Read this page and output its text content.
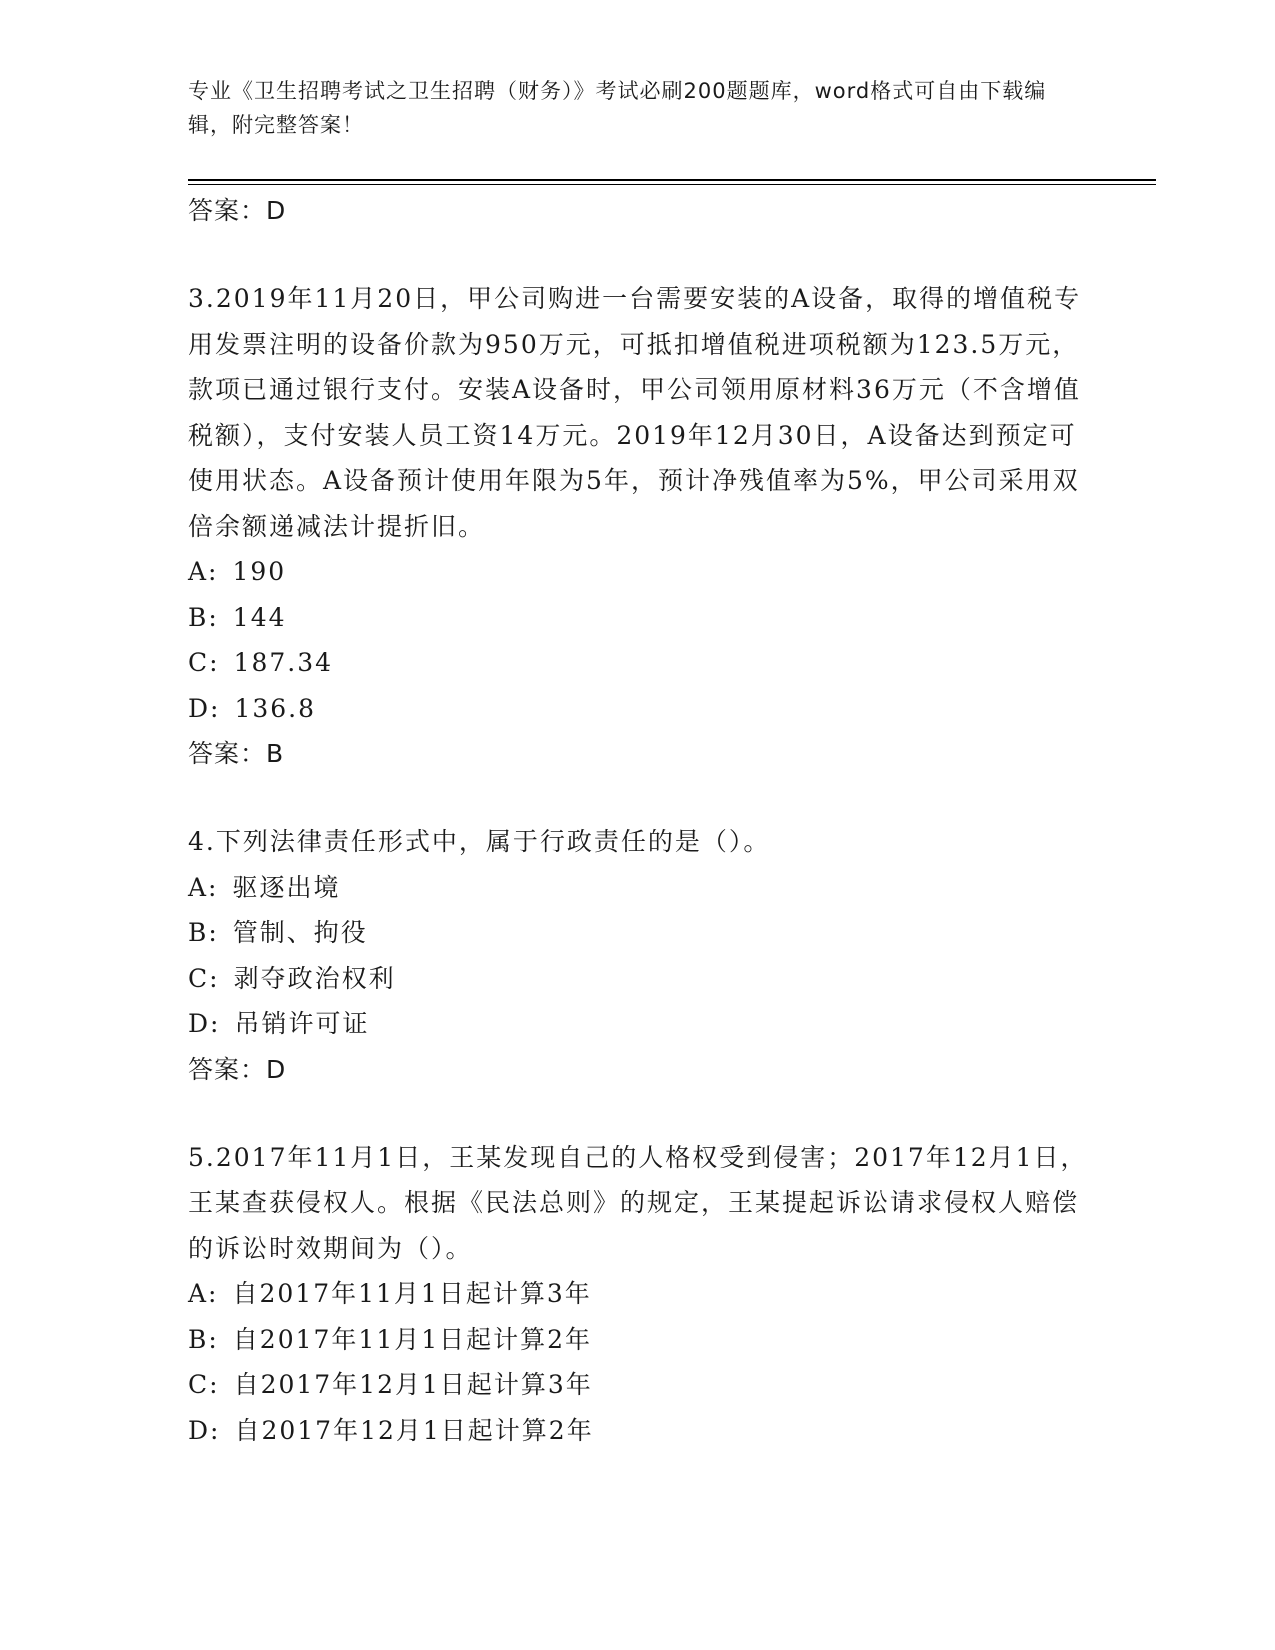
专业《卫生招聘考试之卫生招聘（财务）》考试必刷200题题库，word格式可自由下载编辑，附完整答案！

答案：D

3.2019年11月20日，甲公司购进一台需要安装的A设备，取得的增值税专用发票注明的设备价款为950万元，可抵扣增值税进项税额为123.5万元，款项已通过银行支付。安装A设备时，甲公司领用原材料36万元（不含增值税额），支付安装人员工资14万元。2019年12月30日，A设备达到预定可使用状态。A设备预计使用年限为5年，预计净残值率为5%，甲公司采用双倍余额递减法计提折旧。

A: 190

B: 144

C: 187.34

D: 136.8

答案：B

4.下列法律责任形式中，属于行政责任的是（）。

A: 驱逐出境

B: 管制、拘役

C: 剥夺政治权利

D: 吊销许可证

答案：D

5.2017年11月1日，王某发现自己的人格权受到侵害；2017年12月1日，王某查获侵权人。根据《民法总则》的规定，王某提起诉讼请求侵权人赔偿的诉讼时效期间为（）。

A: 自2017年11月1日起计算3年

B: 自2017年11月1日起计算2年

C: 自2017年12月1日起计算3年

D: 自2017年12月1日起计算2年
